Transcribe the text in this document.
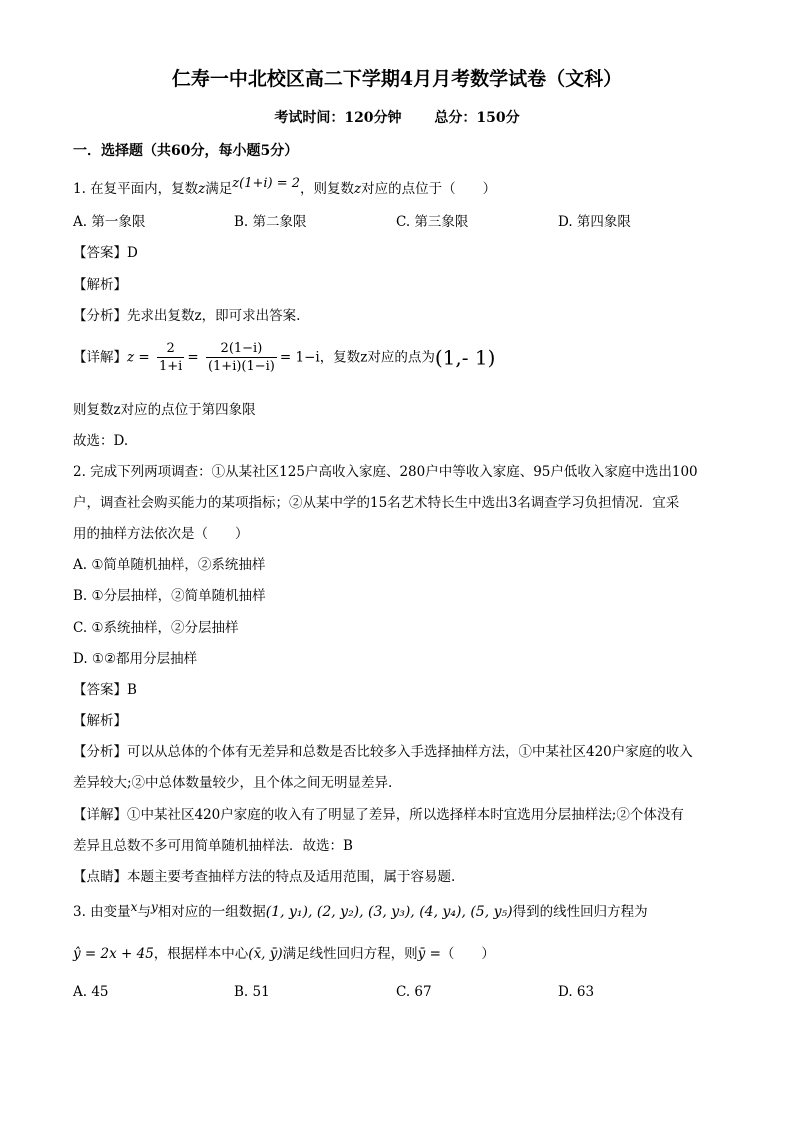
仁寿一中北校区高二下学期4月月考数学试卷（文科）
考试时间：120分钟　　 总分：150分
一．选择题（共60分，每小题5分）
1. 在复平面内，复数z满足z(1+i) = 2，则复数z对应的点位于（　　）
A. 第一象限	B. 第二象限	C. 第三象限	D. 第四象限
【答案】D
【解析】
【分析】先求出复数z，即可求出答案.
【详解】$z = \frac{2}{1+i} = \frac{2(1-i)}{(1+i)(1-i)} = 1-i$，复数z对应的点为(1,- 1)
则复数z对应的点位于第四象限
故选：D.
2. 完成下列两项调查：①从某社区125户高收入家庭、280户中等收入家庭、95户低收入家庭中选出100
户，调查社会购买能力的某项指标；②从某中学的15名艺术特长生中选出3名调查学习负担情况．宜采
用的抽样方法依次是（　　）
A. ①简单随机抽样，②系统抽样
B. ①分层抽样，②简单随机抽样
C. ①系统抽样，②分层抽样
D. ①②都用分层抽样
【答案】B
【解析】
【分析】可以从总体的个体有无差异和总数是否比较多入手选择抽样方法，①中某社区420户家庭的收入
差异较大;②中总体数量较少，且个体之间无明显差异.
【详解】①中某社区420户家庭的收入有了明显了差异，所以选择样本时宜选用分层抽样法;②个体没有
差异且总数不多可用简单随机抽样法．故选：B
【点睛】本题主要考查抽样方法的特点及适用范围，属于容易题.
3. 由变量x与y相对应的一组数据(1, y₁), (2, y₂), (3, y₃), (4, y₄), (5, y₅)得到的线性回归方程为
ŷ = 2x + 45，根据样本中心(x̄, ȳ)满足线性回归方程，则ȳ =（　　）
A. 45	B. 51	C. 67	D. 63
